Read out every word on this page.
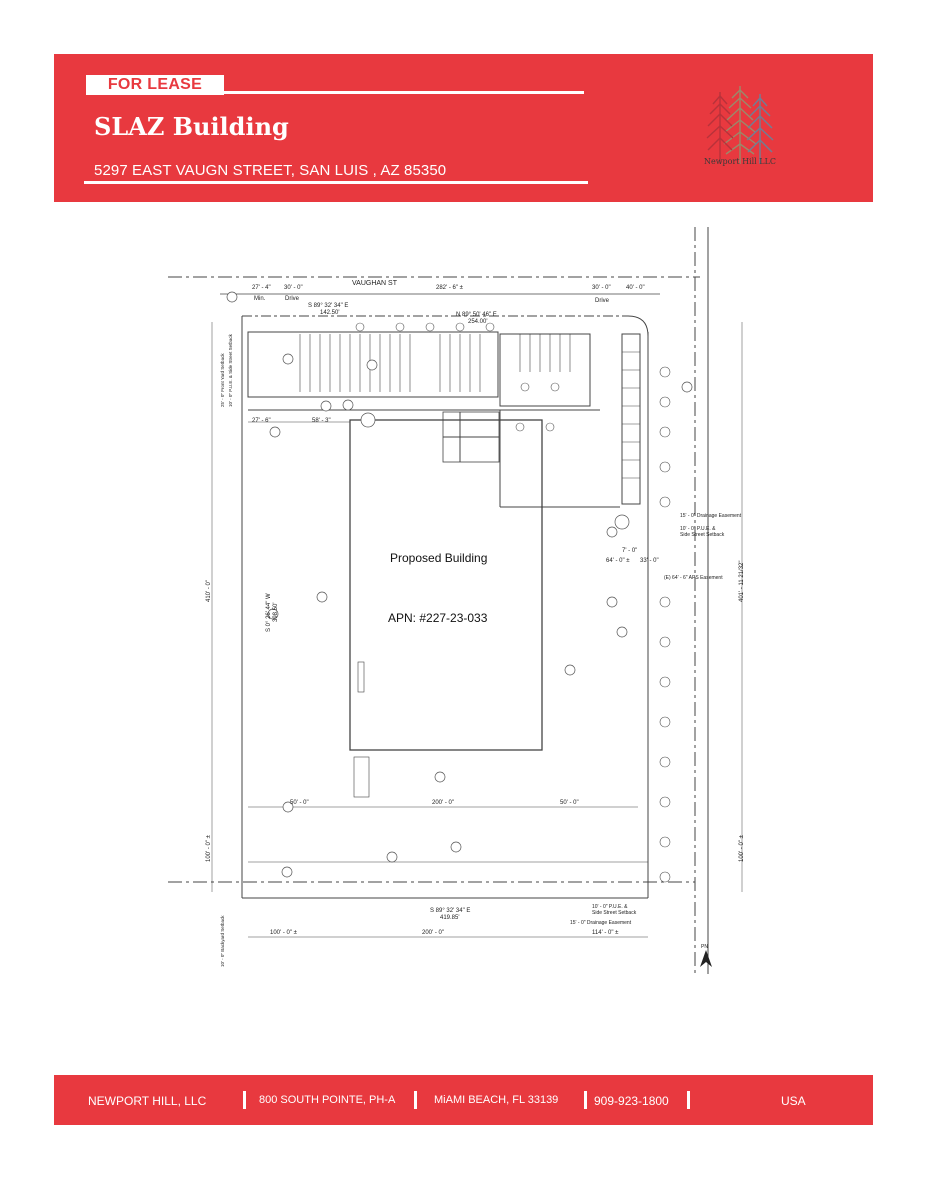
FOR LEASE
SLAZ Building
5297 EAST VAUGN STREET, SAN LUIS , AZ 85350
Newport Hill LLC
VAUGHAN ST
27' - 4" 30' - 0"	282' - 6" ±	30' - 0"	40' - 0"
Min.	Drive	Drive
S 89° 32' 34" E
142.50'	N 89° 50' 46" E
254.00'
Proposed Building
APN: #227-23-033
50' - 0"	200' - 0"	50' - 0"
58' - 3"
27' - 6"
64' - 0" ± 33' - 0"
7' - 0"
S 89° 32' 34" E
419.85'
100' - 0" ±	200' - 0"	114' - 0" ±
10' - 0" P.U.E. &
Side Street Setback
15' - 0" Drainage Easement
15' - 0" Drainage Easement
10' - 0" P.U.E. &
Side Street Setback
(E) 64' - 6" APS Easement
410' - 0"
100' - 0" ±
S 0° 26' 44" W 398.50'
401' - 11 21/32"
100' - 0" ±
25' - 0" Front Yard Setback 10' - 0" P.U.E. & Side Street Setback
10' - 0" Backyard Setback	PN
NEWPORT HILL, LLC	800 SOUTH POINTE, PH-A	MiAMI BEACH, FL 33139	909-923-1800	USA
